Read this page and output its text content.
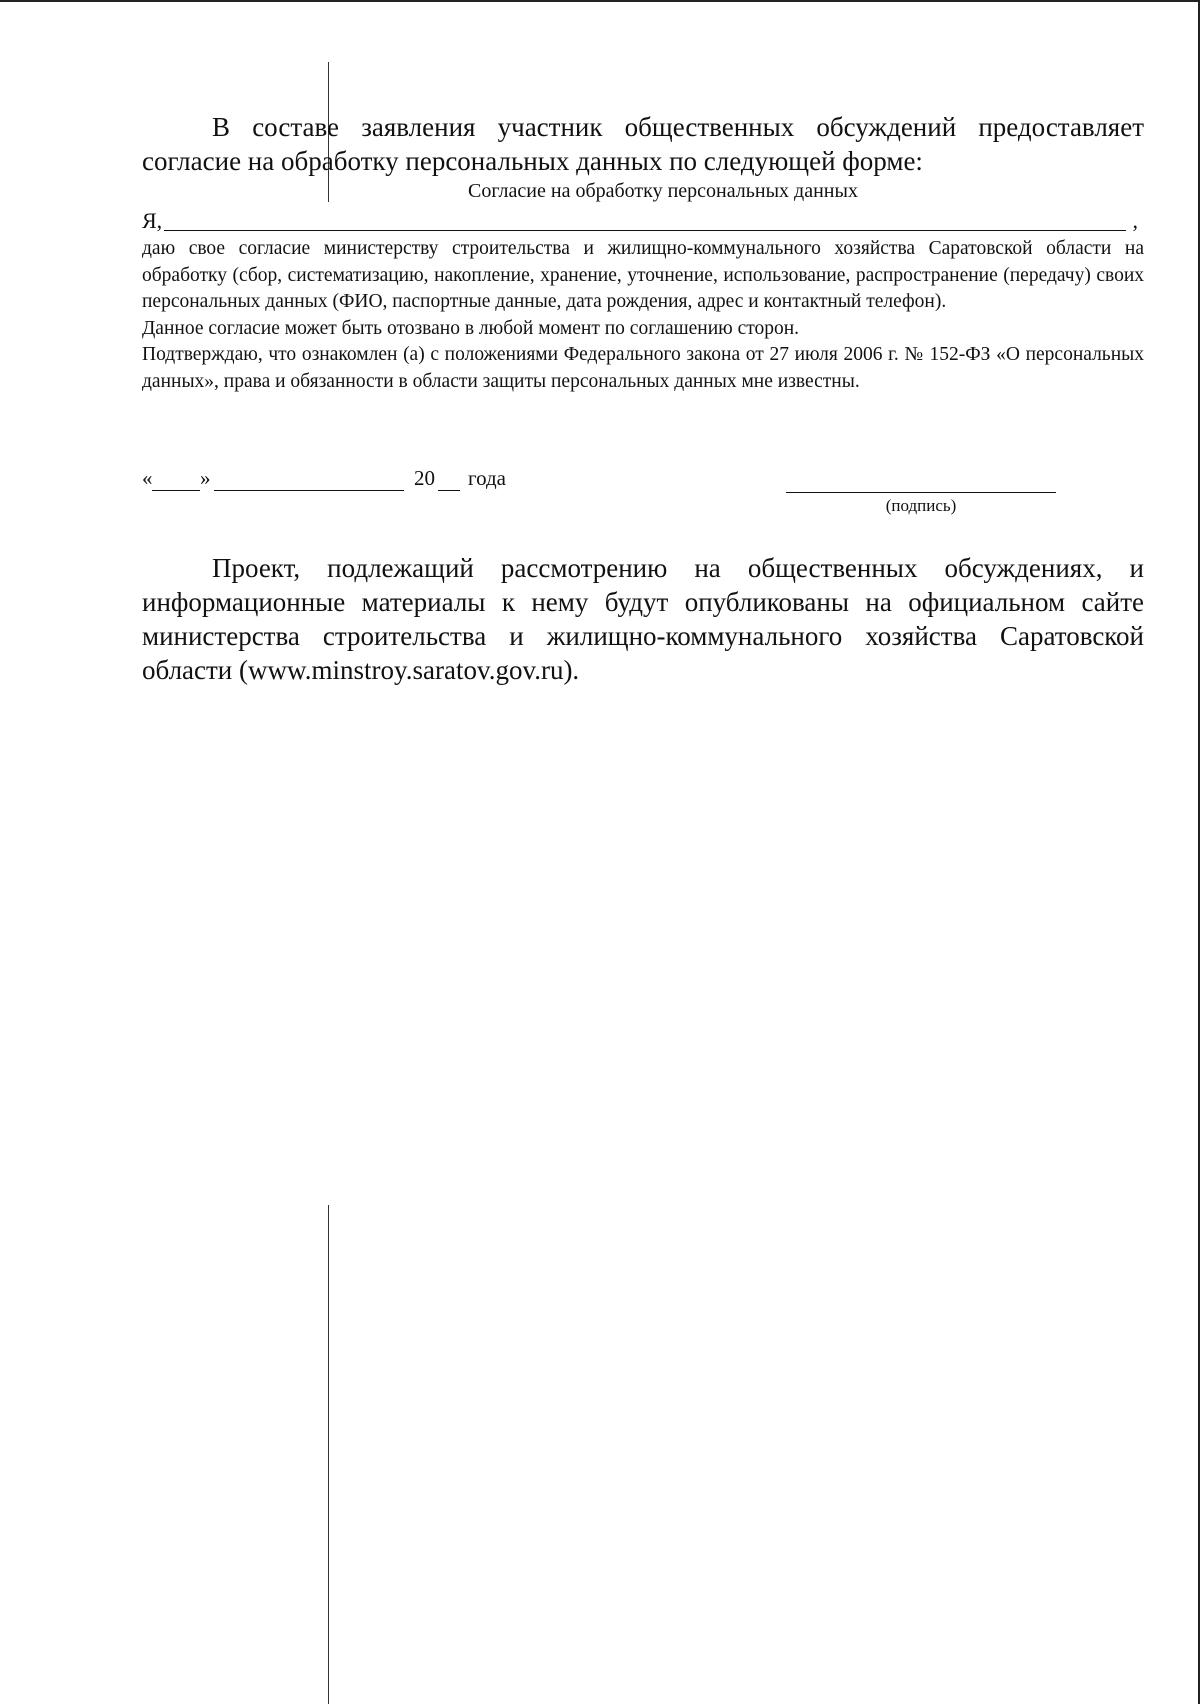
В составе заявления участник общественных обсуждений предоставляет согласие на обработку персональных данных по следующей форме:

Согласие на обработку персональных данных
Я,	,

даю свое согласие министерству строительства и жилищно-коммунального хозяйства Саратовской области на обработку (сбор, систематизацию, накопление, хранение, уточнение, использование, распространение (передачу) своих персональных данных (ФИО, паспортные данные, дата рождения, адрес и контактный телефон).

Данное согласие может быть отозвано в любой момент по соглашению сторон.

Подтверждаю, что ознакомлен (а) с положениями Федерального закона от 27 июля 2006 г. № 152-ФЗ «О персональных данных», права и обязанности в области защиты персональных данных мне известны.

« »	20 года
(подпись)

Проект, подлежащий рассмотрению на общественных обсуждениях, и информационные материалы к нему будут опубликованы на официальном сайте министерства строительства и жилищно-коммунального хозяйства Саратовской области (www.minstroy.saratov.gov.ru).
